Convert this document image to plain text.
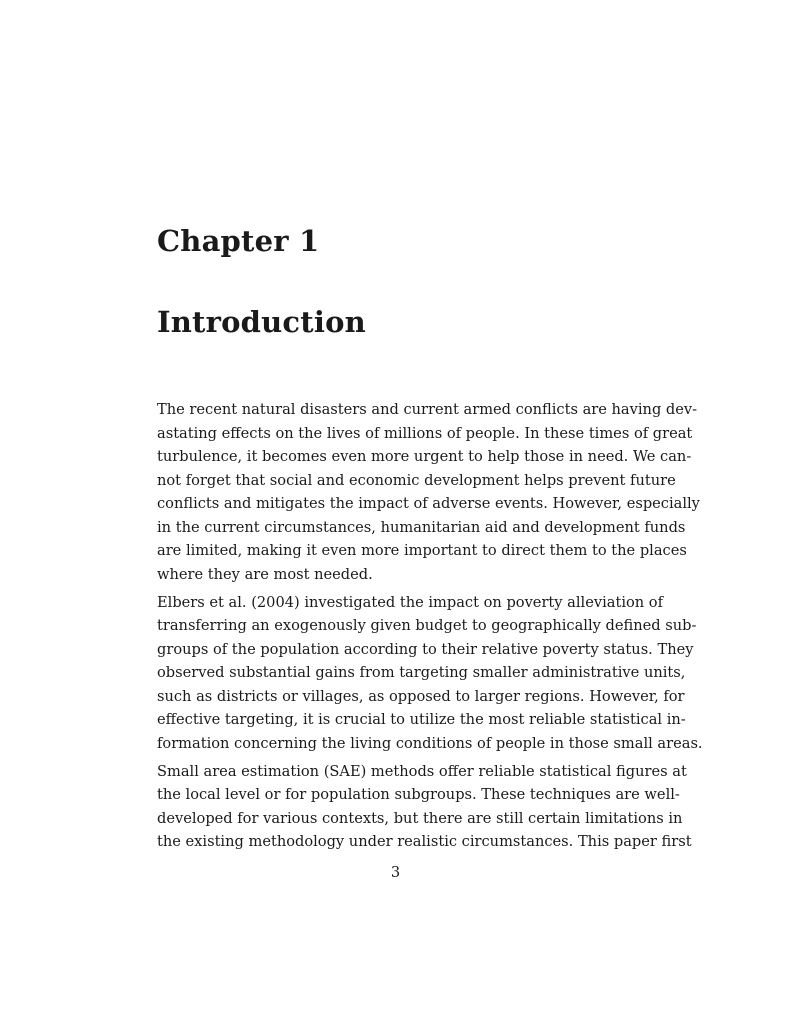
Chapter 1
Introduction
The recent natural disasters and current armed conflicts are having dev-
astating effects on the lives of millions of people. In these times of great
turbulence, it becomes even more urgent to help those in need. We can-
not forget that social and economic development helps prevent future
conflicts and mitigates the impact of adverse events. However, especially
in the current circumstances, humanitarian aid and development funds
are limited, making it even more important to direct them to the places
where they are most needed.
Elbers et al. (2004) investigated the impact on poverty alleviation of
transferring an exogenously given budget to geographically defined sub-
groups of the population according to their relative poverty status. They
observed substantial gains from targeting smaller administrative units,
such as districts or villages, as opposed to larger regions. However, for
effective targeting, it is crucial to utilize the most reliable statistical in-
formation concerning the living conditions of people in those small areas.
Small area estimation (SAE) methods offer reliable statistical figures at
the local level or for population subgroups. These techniques are well-
developed for various contexts, but there are still certain limitations in
the existing methodology under realistic circumstances. This paper first
3
